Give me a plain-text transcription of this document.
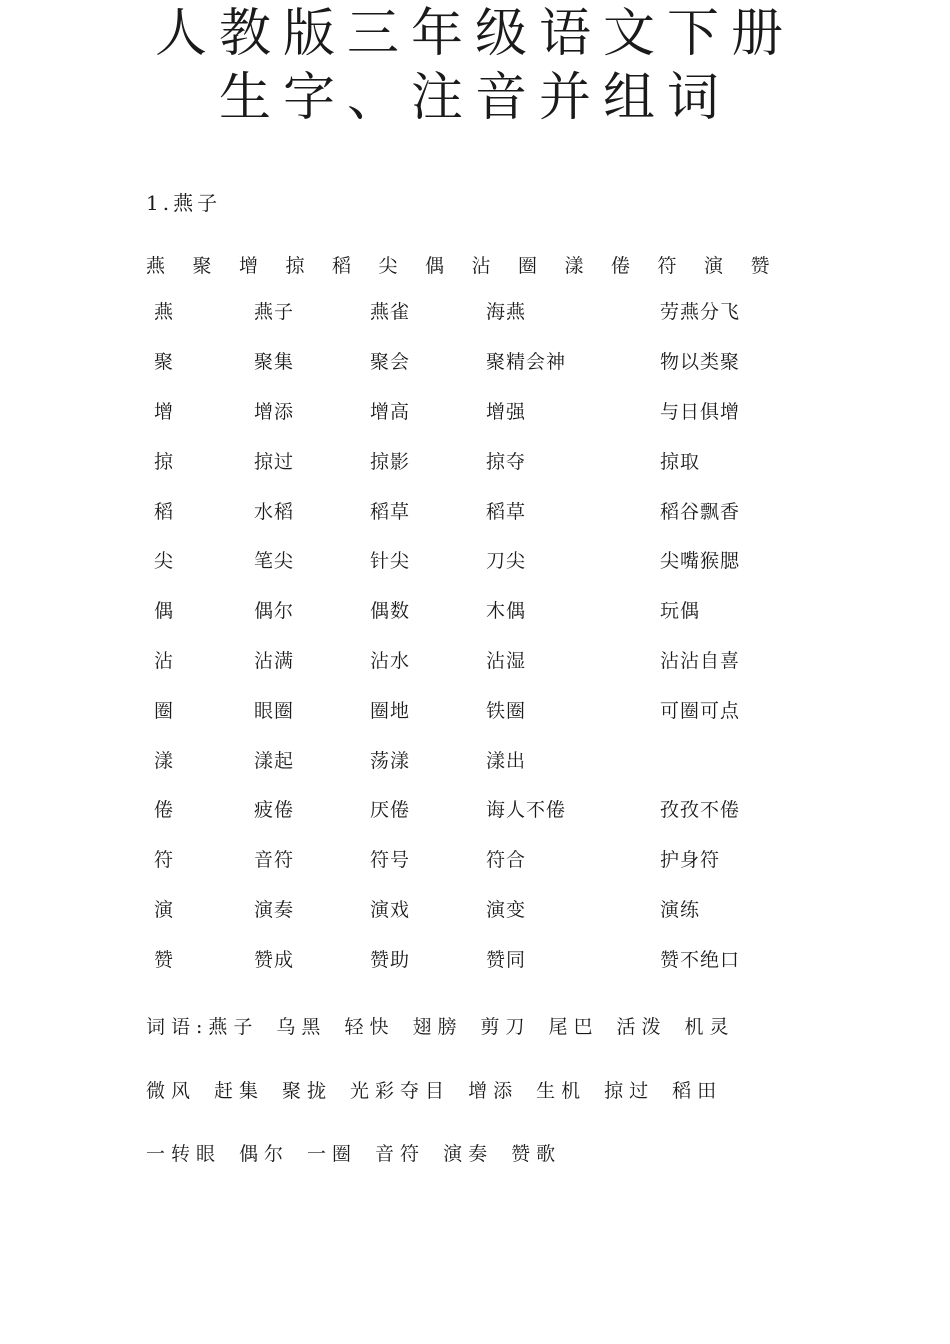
人教版三年级语文下册
生字、注音并组词

1.燕子

燕	聚	增	掠	稻	尖	偶	沾	圈	漾	倦	符	演	赞
燕	燕子	燕雀	海燕	劳燕分飞
聚	聚集	聚会	聚精会神	物以类聚
增	增添	增高	增强	与日俱增
掠	掠过	掠影	掠夺	掠取
稻	水稻	稻草	稻草	稻谷飘香
尖	笔尖	针尖	刀尖	尖嘴猴腮
偶	偶尔	偶数	木偶	玩偶
沾	沾满	沾水	沾湿	沾沾自喜
圈	眼圈	圈地	铁圈	可圈可点
漾	漾起	荡漾	漾出	
倦	疲倦	厌倦	诲人不倦	孜孜不倦
符	音符	符号	符合	护身符
演	演奏	演戏	演变	演练
赞	赞成	赞助	赞同	赞不绝口

词语:燕子 乌黑 轻快 翅膀 剪刀 尾巴 活泼 机灵

微风 赶集 聚拢 光彩夺目 增添 生机 掠过 稻田

一转眼 偶尔 一圈 音符 演奏 赞歌
